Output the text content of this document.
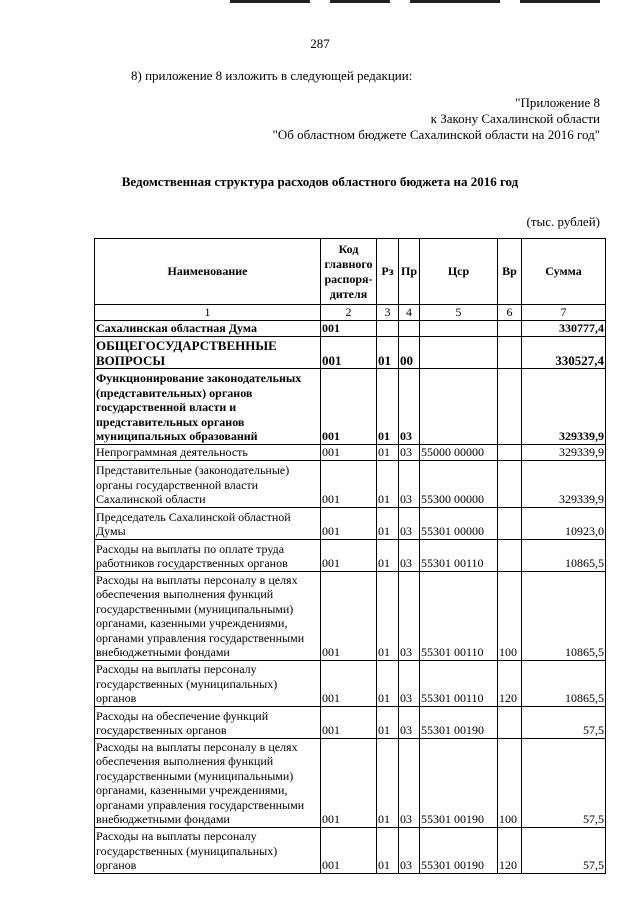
287
8) приложение 8 изложить в следующей редакции:
"Приложение 8
к Закону Сахалинской области
"Об областном бюджете Сахалинской области на 2016 год"
Ведомственная структура расходов областного бюджета на 2016 год
(тыс. рублей)
Наименование	Код главного распоря-дителя	Рз	Пр	Цср	Вр	Сумма
1	2	3	4	5	6	7
Сахалинская областная Дума	001					330777,4
ОБЩЕГОСУДАРСТВЕННЫЕ ВОПРОСЫ	001	01	00			330527,4
Функционирование законодательных (представительных) органов государственной власти и представительных органов муниципальных образований	001	01	03			329339,9
Непрограммная деятельность	001	01	03	55000 00000		329339,9
Представительные (законодательные) органы государственной власти Сахалинской области	001	01	03	55300 00000		329339,9
Председатель Сахалинской областной Думы	001	01	03	55301 00000		10923,0
Расходы на выплаты по оплате труда работников государственных органов	001	01	03	55301 00110		10865,5
Расходы на выплаты персоналу в целях обеспечения выполнения функций государственными (муниципальными) органами, казенными учреждениями, органами управления государственными внебюджетными фондами	001	01	03	55301 00110	100	10865,5
Расходы на выплаты персоналу государственных (муниципальных) органов	001	01	03	55301 00110	120	10865,5
Расходы на обеспечение функций государственных органов	001	01	03	55301 00190		57,5
Расходы на выплаты персоналу в целях обеспечения выполнения функций государственными (муниципальными) органами, казенными учреждениями, органами управления государственными внебюджетными фондами	001	01	03	55301 00190	100	57,5
Расходы на выплаты персоналу государственных (муниципальных) органов	001	01	03	55301 00190	120	57,5
